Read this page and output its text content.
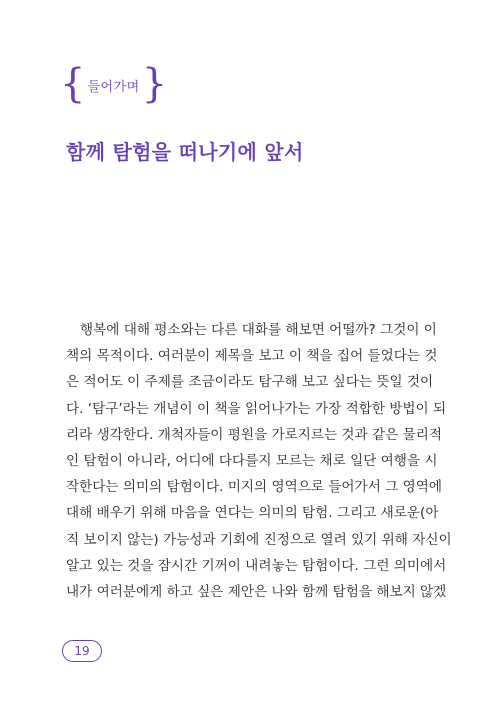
{ 들어가며 }
함께 탐험을 떠나기에 앞서
행복에 대해 평소와는 다른 대화를 해보면 어떨까? 그것이 이
책의 목적이다. 여러분이 제목을 보고 이 책을 집어 들었다는 것
은 적어도 이 주제를 조금이라도 탐구해 보고 싶다는 뜻일 것이
다. ‘탐구’라는 개념이 이 책을 읽어나가는 가장 적합한 방법이 되
리라 생각한다. 개척자들이 평원을 가로지르는 것과 같은 물리적
인 탐험이 아니라, 어디에 다다를지 모르는 채로 일단 여행을 시
작한다는 의미의 탐험이다. 미지의 영역으로 들어가서 그 영역에
대해 배우기 위해 마음을 연다는 의미의 탐험. 그리고 새로운(아
직 보이지 않는) 가능성과 기회에 진정으로 열려 있기 위해 자신이
알고 있는 것을 잠시간 기꺼이 내려놓는 탐험이다. 그런 의미에서
내가 여러분에게 하고 싶은 제안은 나와 함께 탐험을 해보지 않겠
19
